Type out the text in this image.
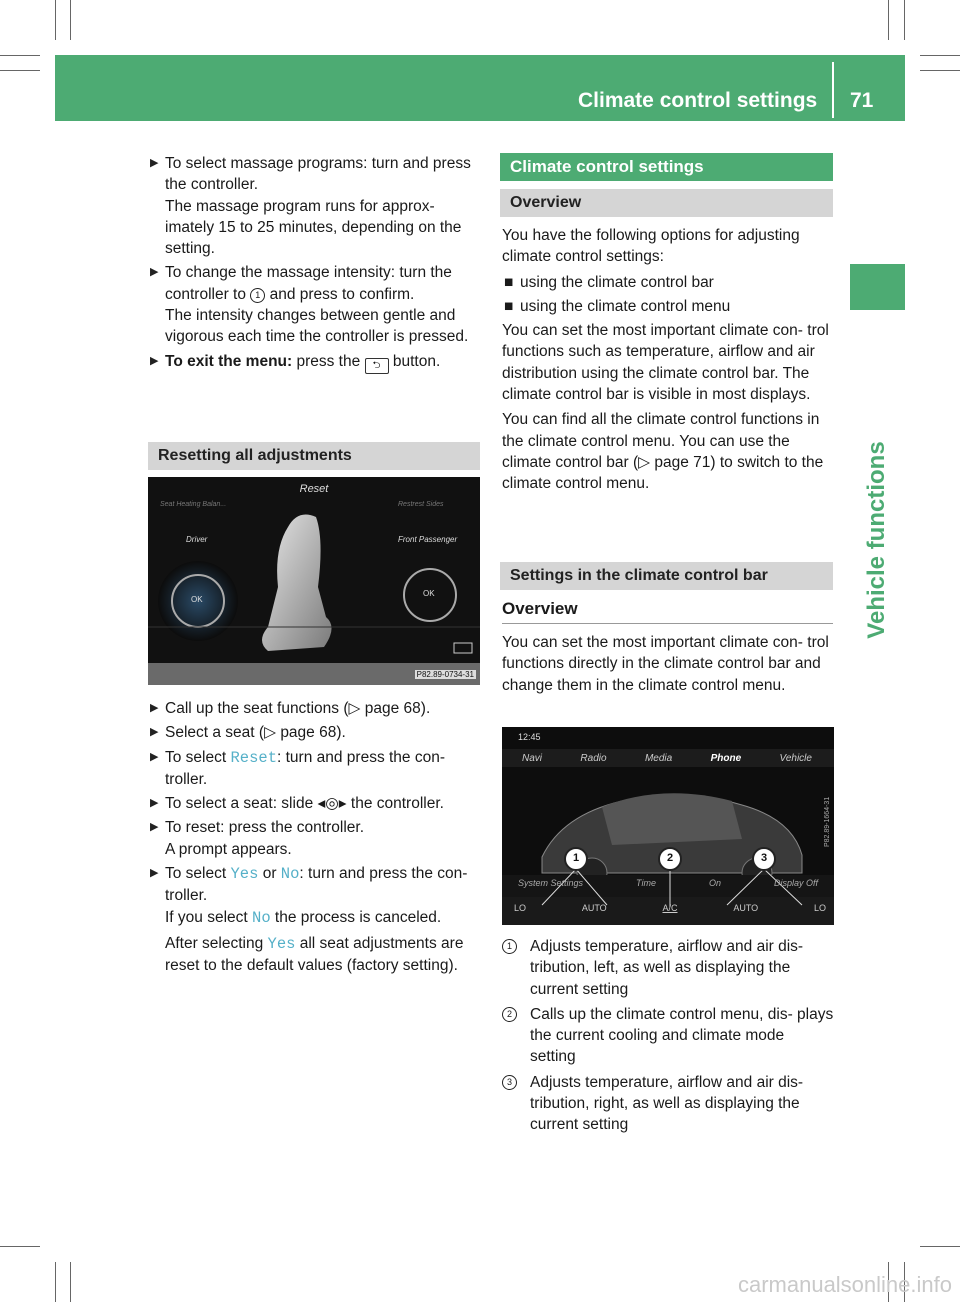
Climate control settings 71
Vehicle functions
▶ To select massage programs: turn and press the controller.
The massage program runs for approx- imately 15 to 25 minutes, depending on the setting.
▶ To change the massage intensity: turn the controller to 1 and press to confirm.
The intensity changes between gentle and vigorous each time the controller is pressed.
▶ To exit the menu: press the ⮌ button.
Resetting all adjustments
Reset
Seat Heating Balan...	Restrest Sides
Driver	Front Passenger
OK
OK
P82.89-0734-31
▶ Call up the seat functions (▷ page 68).
▶ Select a seat (▷ page 68).
▶ To select Reset: turn and press the con- troller.
▶ To select a seat: slide ◂◎▸ the controller.
▶ To reset: press the controller.
A prompt appears.
▶ To select Yes or No: turn and press the con- troller.
If you select No the process is canceled.
After selecting Yes all seat adjustments are reset to the default values (factory setting).
Climate control settings
Overview

You have the following options for adjusting climate control settings:

■ using the climate control bar
■ using the climate control menu

You can set the most important climate con- trol functions such as temperature, airflow and air distribution using the climate control bar. The climate control bar is visible in most displays.

You can find all the climate control functions in the climate control menu. You can use the climate control bar (▷ page 71) to switch to the climate control menu.

Settings in the climate control bar
Overview

You can set the most important climate con- trol functions directly in the climate control bar and change them in the climate control menu.

12:45
Navi	Radio	Media	Phone	Vehicle
System Settings	Time	On	Display Off
LO	AUTO	A/C	AUTO	LO
1	2	3
P82.89-1664-31
1	Adjusts temperature, airflow and air dis- tribution, left, as well as displaying the current setting
2	Calls up the climate control menu, dis- plays the current cooling and climate mode setting
3	Adjusts temperature, airflow and air dis- tribution, right, as well as displaying the current setting
carmanualsonline.info
